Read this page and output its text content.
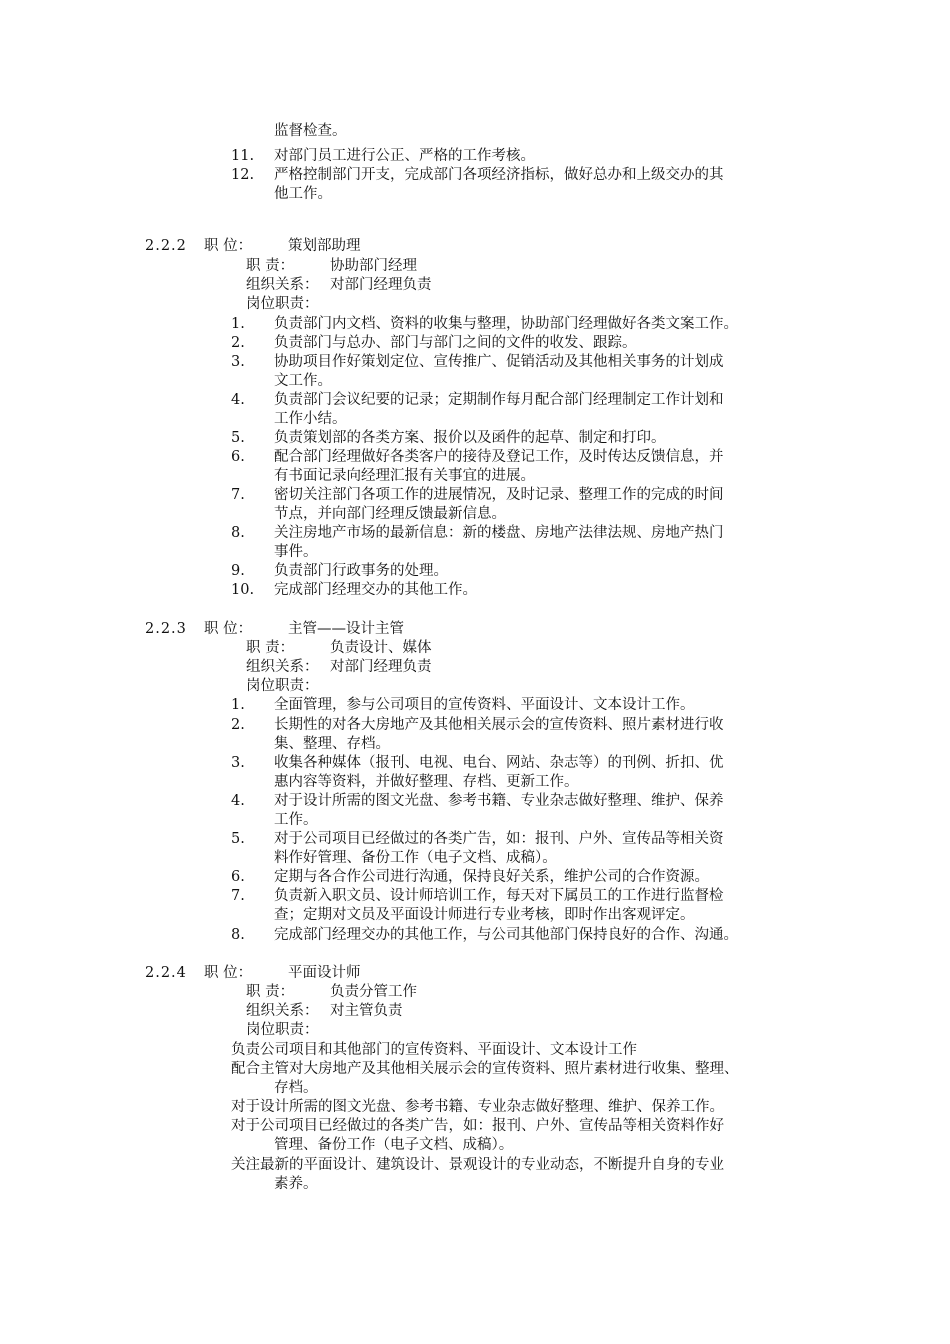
监督检查。
11. 对部门员工进行公正、严格的工作考核。
12. 严格控制部门开支，完成部门各项经济指标，做好总办和上级交办的其
他工作。
2.2.2 职 位： 策划部助理
职 责： 协助部门经理
组织关系： 对部门经理负责
岗位职责：
1. 负责部门内文档、资料的收集与整理，协助部门经理做好各类文案工作。
2. 负责部门与总办、部门与部门之间的文件的收发、跟踪。
3. 协助项目作好策划定位、宣传推广、促销活动及其他相关事务的计划成
文工作。
4. 负责部门会议纪要的记录；定期制作每月配合部门经理制定工作计划和
工作小结。
5. 负责策划部的各类方案、报价以及函件的起草、制定和打印。
6. 配合部门经理做好各类客户的接待及登记工作，及时传达反馈信息，并
有书面记录向经理汇报有关事宜的进展。
7. 密切关注部门各项工作的进展情况，及时记录、整理工作的完成的时间
节点，并向部门经理反馈最新信息。
8. 关注房地产市场的最新信息：新的楼盘、房地产法律法规、房地产热门
事件。
9. 负责部门行政事务的处理。
10. 完成部门经理交办的其他工作。
2.2.3 职 位： 主管——设计主管
职 责： 负责设计、媒体
组织关系： 对部门经理负责
岗位职责：
1. 全面管理，参与公司项目的宣传资料、平面设计、文本设计工作。
2. 长期性的对各大房地产及其他相关展示会的宣传资料、照片素材进行收
集、整理、存档。
3. 收集各种媒体（报刊、电视、电台、网站、杂志等）的刊例、折扣、优
惠内容等资料，并做好整理、存档、更新工作。
4. 对于设计所需的图文光盘、参考书籍、专业杂志做好整理、维护、保养
工作。
5. 对于公司项目已经做过的各类广告，如：报刊、户外、宣传品等相关资
料作好管理、备份工作（电子文档、成稿）。
6. 定期与各合作公司进行沟通，保持良好关系，维护公司的合作资源。
7. 负责新入职文员、设计师培训工作，每天对下属员工的工作进行监督检
查；定期对文员及平面设计师进行专业考核，即时作出客观评定。
8. 完成部门经理交办的其他工作，与公司其他部门保持良好的合作、沟通。
2.2.4 职 位： 平面设计师
职 责： 负责分管工作
组织关系： 对主管负责
岗位职责：
负责公司项目和其他部门的宣传资料、平面设计、文本设计工作
配合主管对大房地产及其他相关展示会的宣传资料、照片素材进行收集、整理、
存档。
对于设计所需的图文光盘、参考书籍、专业杂志做好整理、维护、保养工作。
对于公司项目已经做过的各类广告，如：报刊、户外、宣传品等相关资料作好
管理、备份工作（电子文档、成稿）。
关注最新的平面设计、建筑设计、景观设计的专业动态，不断提升自身的专业
素养。
